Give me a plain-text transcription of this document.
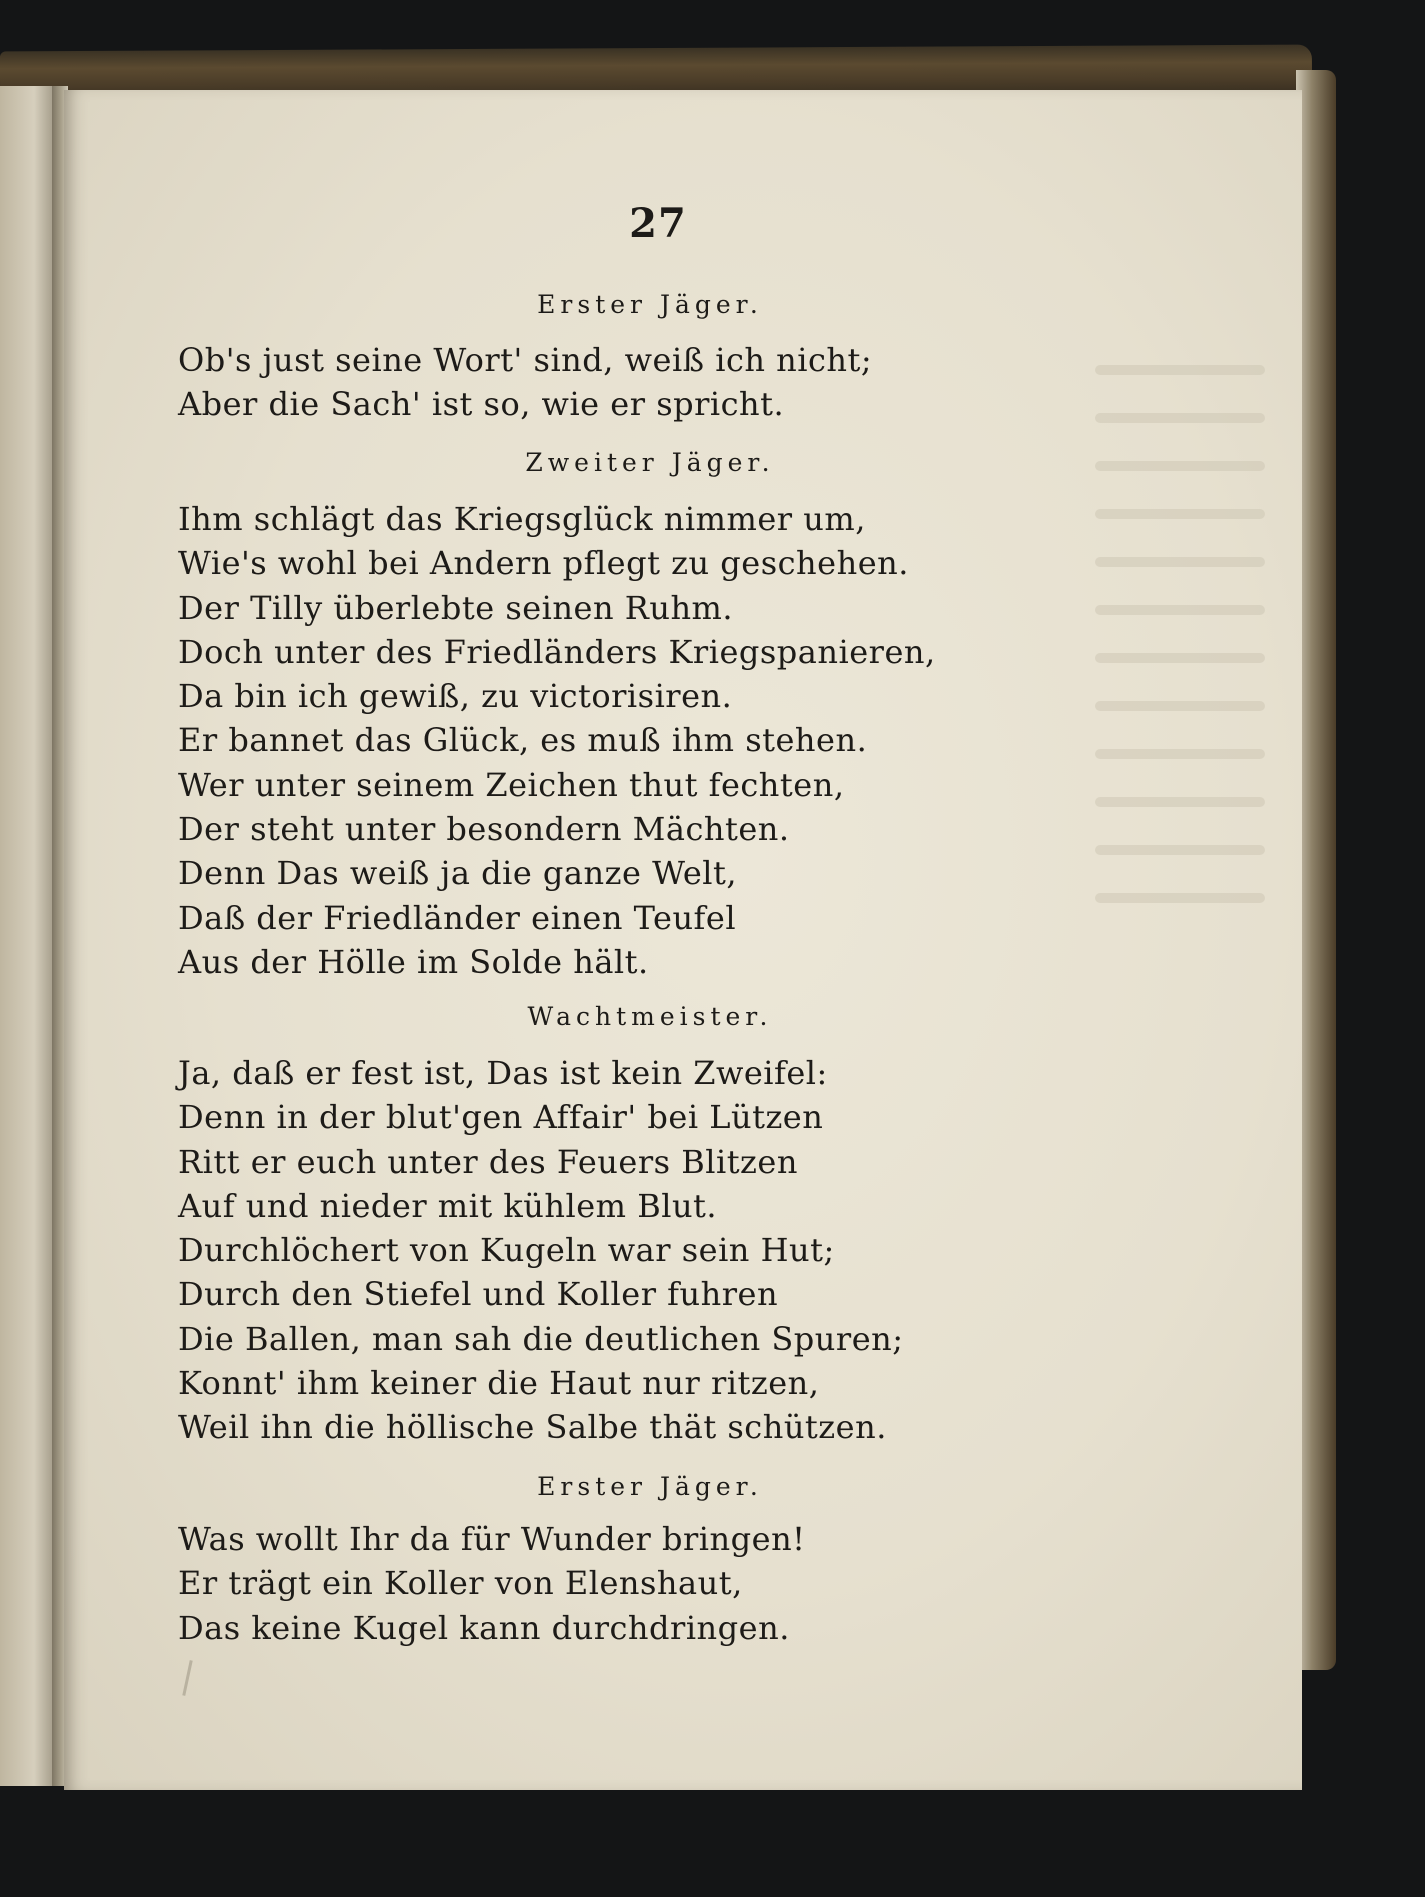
27
Erster Jäger.
Ob's just seine Wort' sind, weiß ich nicht;
Aber die Sach' ist so, wie er spricht.
Zweiter Jäger.
Ihm schlägt das Kriegsglück nimmer um,
Wie's wohl bei Andern pflegt zu geschehen.
Der Tilly überlebte seinen Ruhm.
Doch unter des Friedländers Kriegspanieren,
Da bin ich gewiß, zu victorisiren.
Er bannet das Glück, es muß ihm stehen.
Wer unter seinem Zeichen thut fechten,
Der steht unter besondern Mächten.
Denn Das weiß ja die ganze Welt,
Daß der Friedländer einen Teufel
Aus der Hölle im Solde hält.
Wachtmeister.
Ja, daß er fest ist, Das ist kein Zweifel:
Denn in der blut'gen Affair' bei Lützen
Ritt er euch unter des Feuers Blitzen
Auf und nieder mit kühlem Blut.
Durchlöchert von Kugeln war sein Hut;
Durch den Stiefel und Koller fuhren
Die Ballen, man sah die deutlichen Spuren;
Konnt' ihm keiner die Haut nur ritzen,
Weil ihn die höllische Salbe thät schützen.
Erster Jäger.
Was wollt Ihr da für Wunder bringen!
Er trägt ein Koller von Elenshaut,
Das keine Kugel kann durchdringen.
